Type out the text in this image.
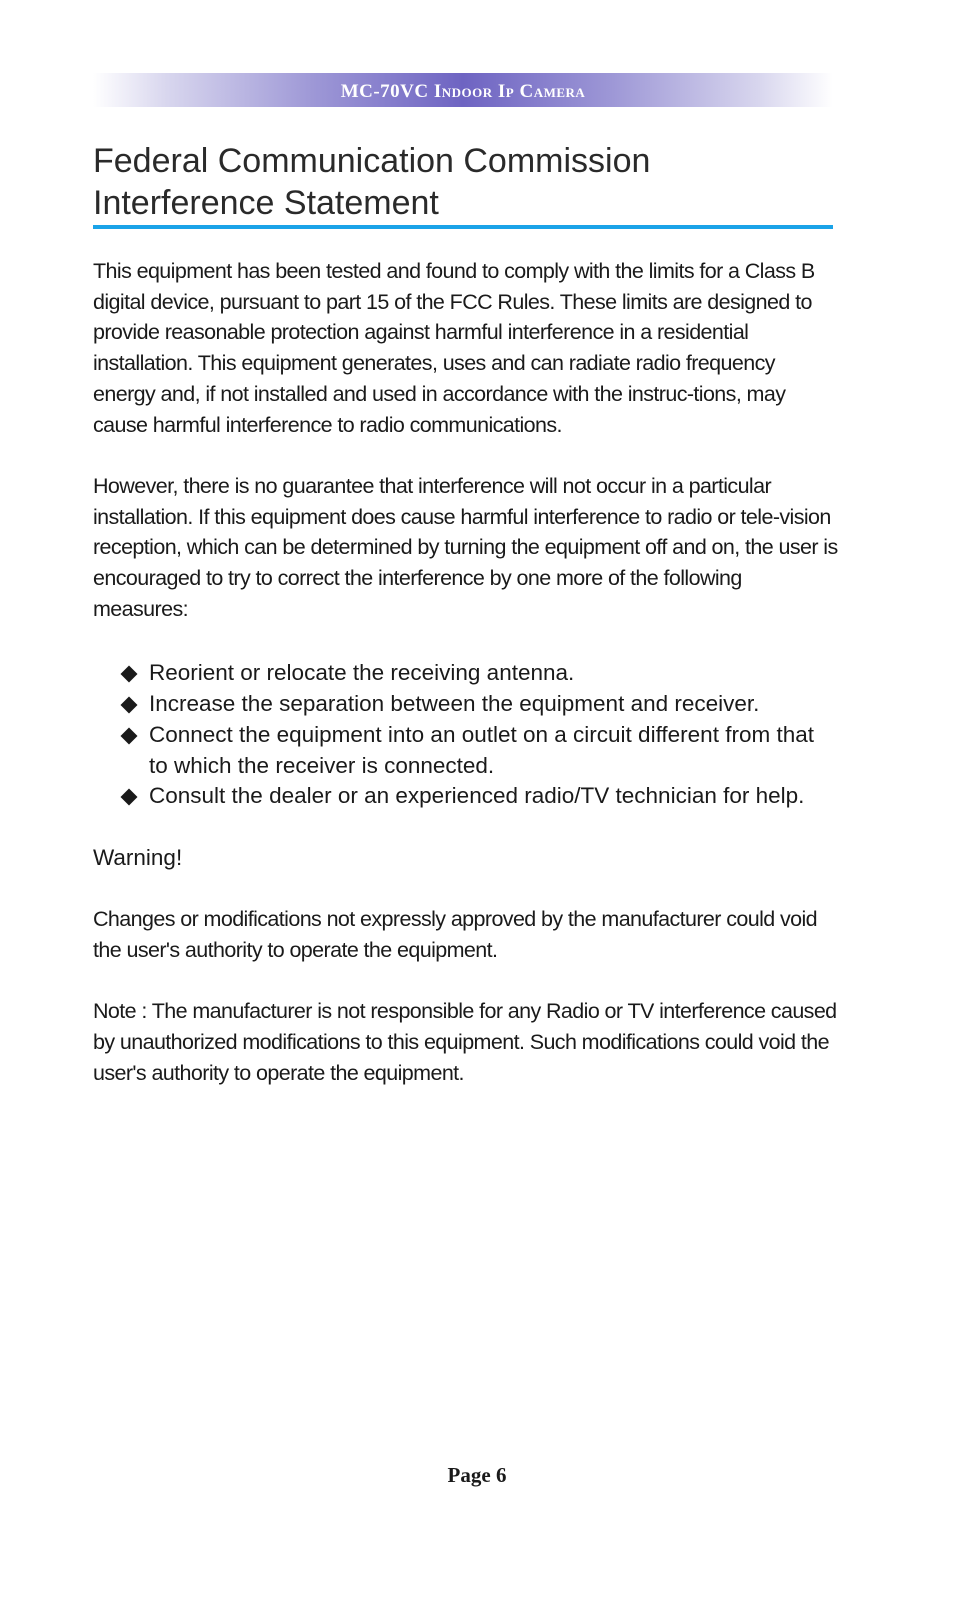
MC-70VC Indoor Ip Camera
Federal Communication Commission
Interference Statement

This equipment has been tested and found to comply with the limits for a Class B digital device, pursuant to part 15 of the FCC Rules. These limits are designed to provide reasonable protection against harmful interference in a residential installation. This equipment generates, uses and can radiate radio frequency energy and, if not installed and used in accordance with the instruc-tions, may cause harmful interference to radio communications.

However, there is no guarantee that interference will not occur in a particular installation. If this equipment does cause harmful interference to radio or tele-vision reception, which can be determined by turning the equipment off and on, the user is encouraged to try to correct the interference by one more of the following measures:

Reorient or relocate the receiving antenna.
Increase the separation between the equipment and receiver.
Connect the equipment into an outlet on a circuit different from that to which the receiver is connected.
Consult the dealer or an experienced radio/TV technician for help.

Warning!

Changes or modifications not expressly approved by the manufacturer could void the user's authority to operate the equipment.

Note : The manufacturer is not responsible for any Radio or TV interference caused by unauthorized modifications to this equipment. Such modifications could void the user's authority to operate the equipment.

Page 6
